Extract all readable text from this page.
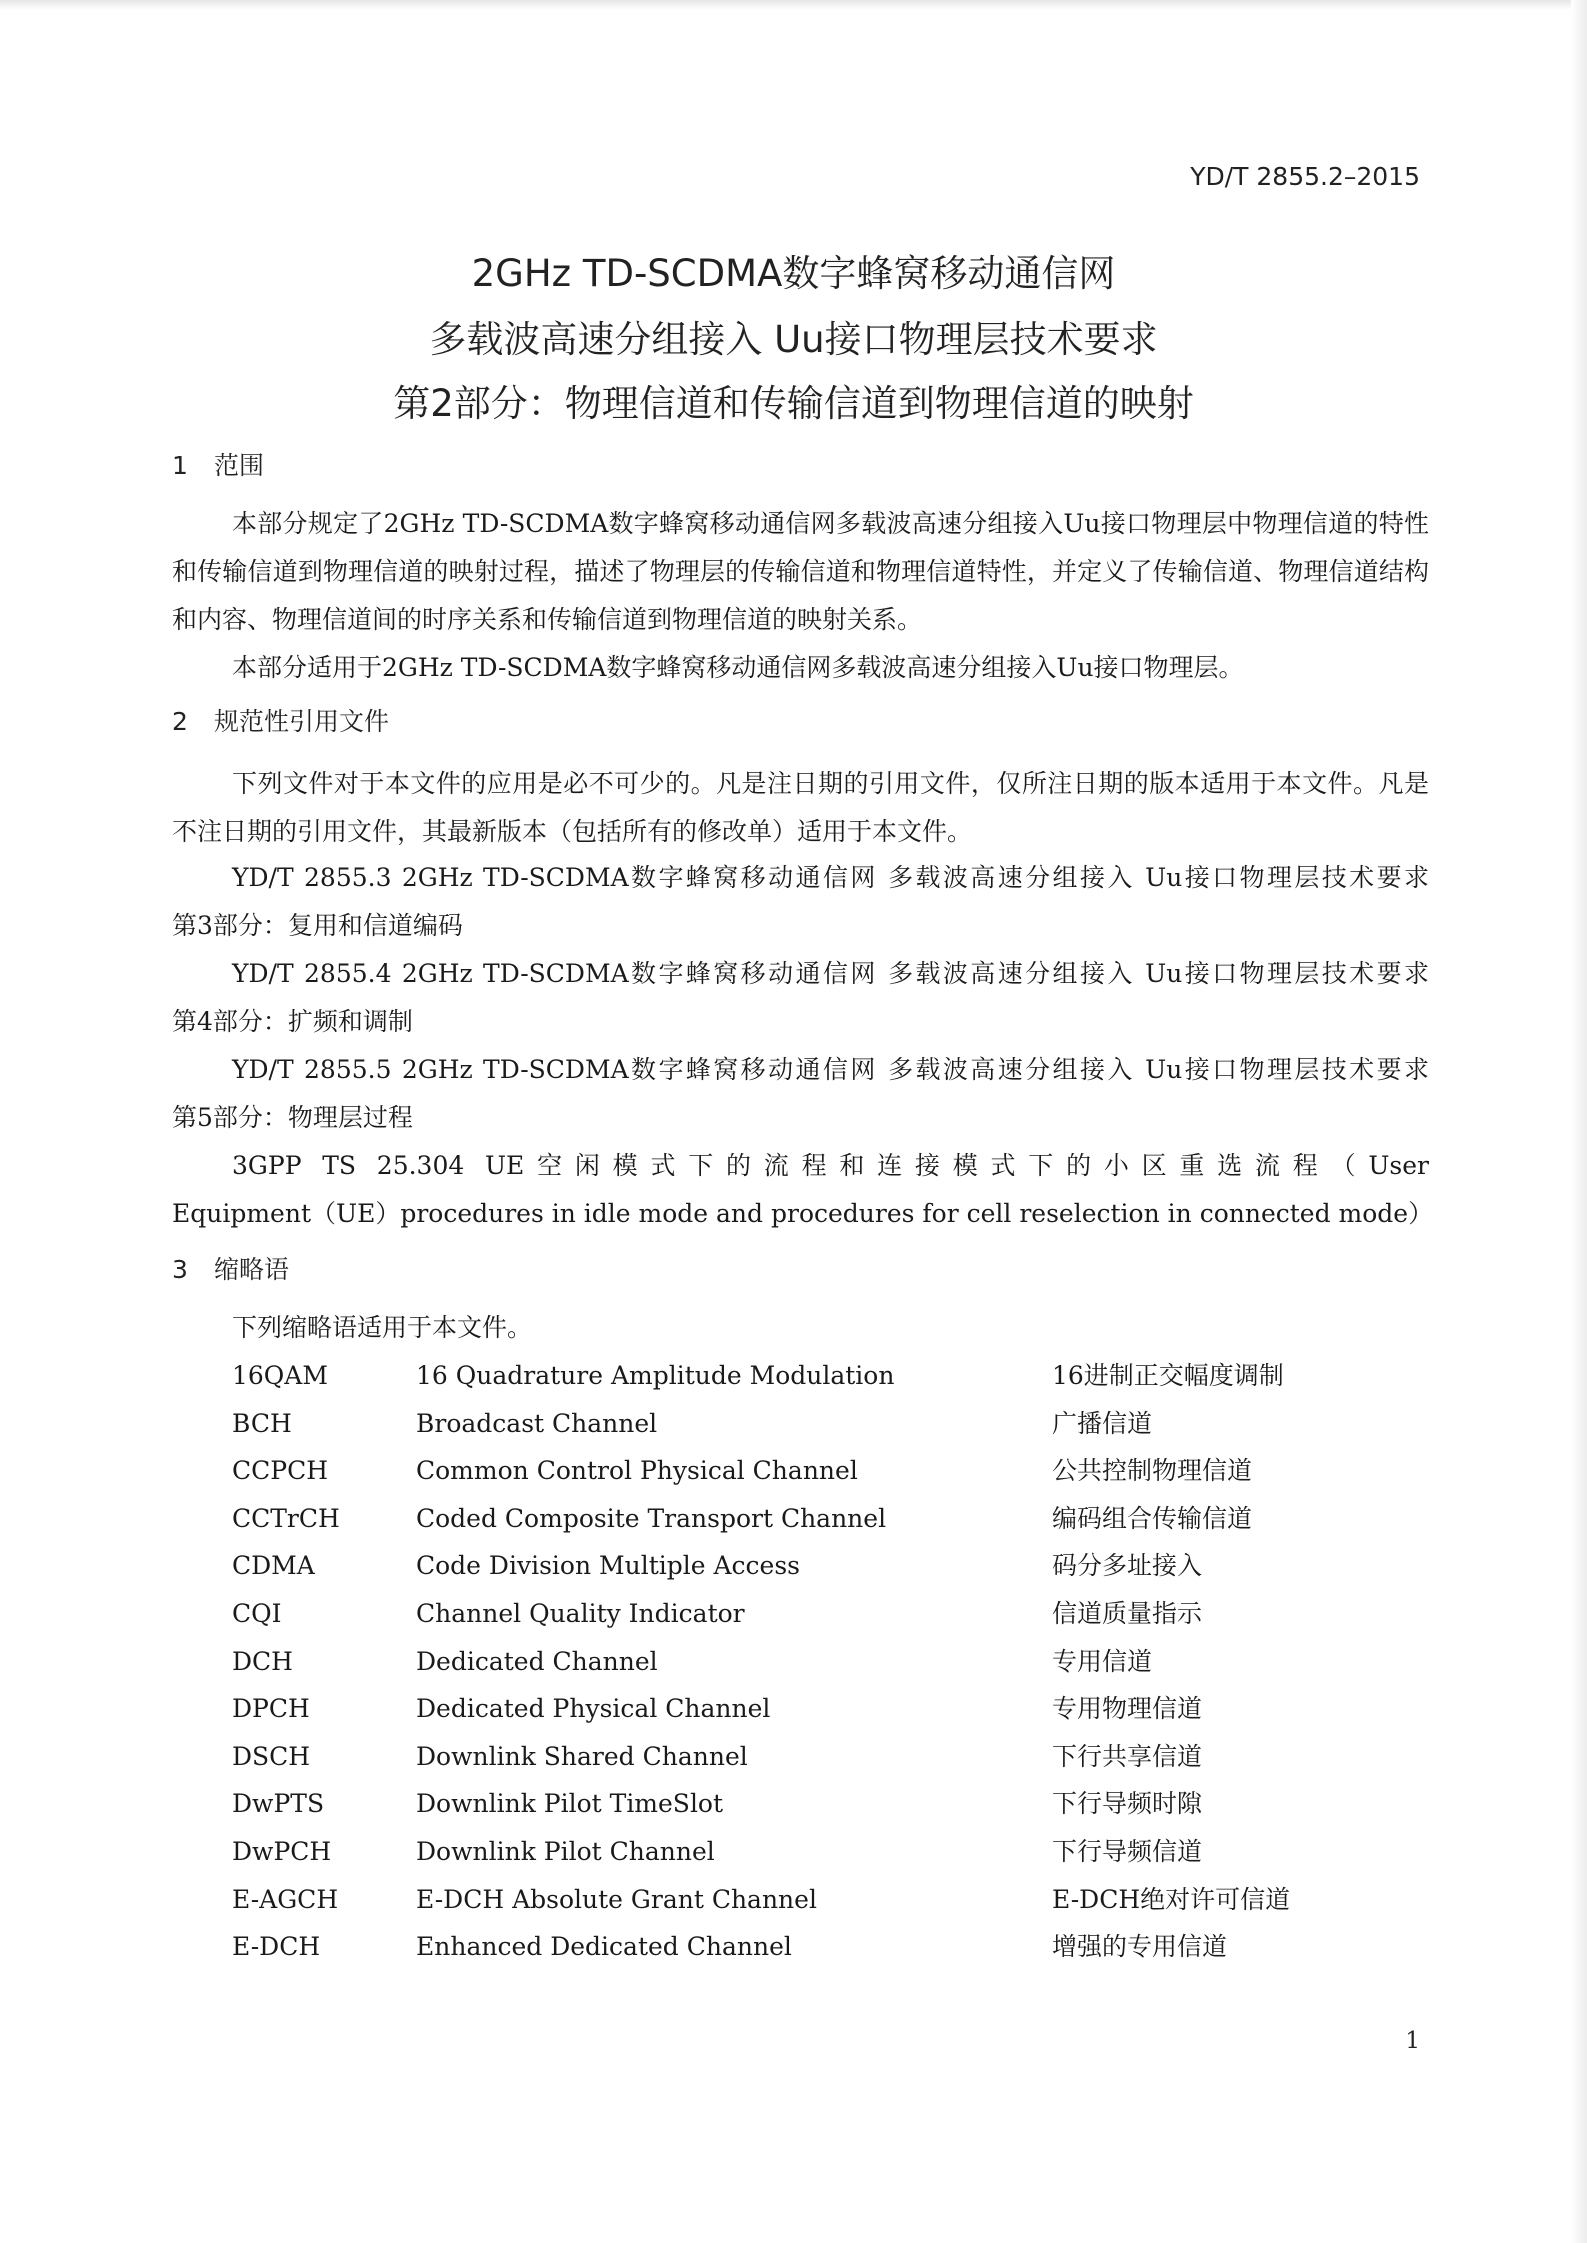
YD/T 2855.2–2015
2GHz TD-SCDMA数字蜂窝移动通信网
多载波高速分组接入 Uu接口物理层技术要求
第2部分：物理信道和传输信道到物理信道的映射
1 范围
本部分规定了2GHz TD-SCDMA数字蜂窝移动通信网多载波高速分组接入Uu接口物理层中物理信道的特性和传输信道到物理信道的映射过程，描述了物理层的传输信道和物理信道特性，并定义了传输信道、物理信道结构和内容、物理信道间的时序关系和传输信道到物理信道的映射关系。
本部分适用于2GHz TD-SCDMA数字蜂窝移动通信网多载波高速分组接入Uu接口物理层。
2 规范性引用文件
下列文件对于本文件的应用是必不可少的。凡是注日期的引用文件，仅所注日期的版本适用于本文件。凡是不注日期的引用文件，其最新版本（包括所有的修改单）适用于本文件。
YD/T 2855.3 2GHz TD-SCDMA数字蜂窝移动通信网 多载波高速分组接入 Uu接口物理层技术要求
第3部分：复用和信道编码
YD/T 2855.4 2GHz TD-SCDMA数字蜂窝移动通信网 多载波高速分组接入 Uu接口物理层技术要求
第4部分：扩频和调制
YD/T 2855.5 2GHz TD-SCDMA数字蜂窝移动通信网 多载波高速分组接入 Uu接口物理层技术要求
第5部分：物理层过程
3GPP TS 25.304 UE空闲模式下的流程和连接模式下的小区重选流程（User
Equipment（UE）procedures in idle mode and procedures for cell reselection in connected mode）
3 缩略语
下列缩略语适用于本文件。
16QAM	16 Quadrature Amplitude Modulation	16进制正交幅度调制
BCH	Broadcast Channel	广播信道
CCPCH	Common Control Physical Channel	公共控制物理信道
CCTrCH	Coded Composite Transport Channel	编码组合传输信道
CDMA	Code Division Multiple Access	码分多址接入
CQI	Channel Quality Indicator	信道质量指示
DCH	Dedicated Channel	专用信道
DPCH	Dedicated Physical Channel	专用物理信道
DSCH	Downlink Shared Channel	下行共享信道
DwPTS	Downlink Pilot TimeSlot	下行导频时隙
DwPCH	Downlink Pilot Channel	下行导频信道
E-AGCH	E-DCH Absolute Grant Channel	E-DCH绝对许可信道
E-DCH	Enhanced Dedicated Channel	增强的专用信道
1
